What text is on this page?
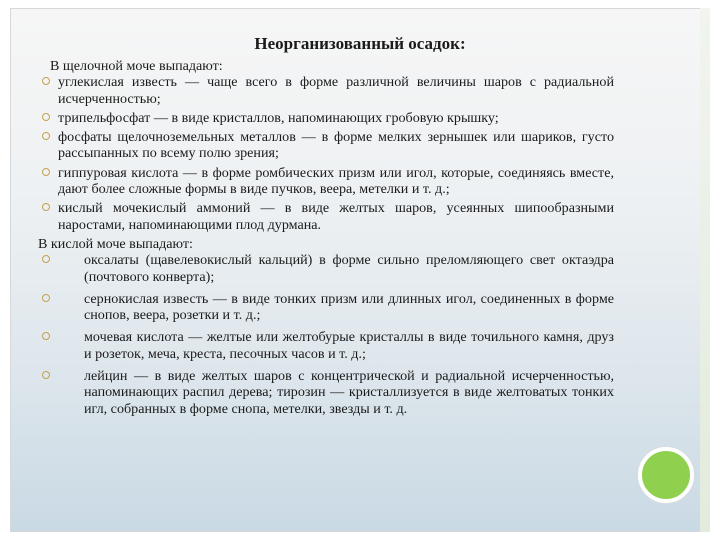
Неорганизованный осадок:

В щелочной моче выпадают:

углекислая известь — чаще всего в форме различной величины шаров с радиальной исчерченностью;
трипельфосфат — в виде кристаллов, напоминающих гробовую крышку;
фосфаты щелочноземельных металлов — в форме мелких зернышек или шариков, густо рассыпанных по всему полю зрения;
гиппуровая кислота — в форме ромбических призм или игол, которые, соединяясь вместе, дают более сложные формы в виде пучков, веера, метелки и т. д.;
кислый мочекислый аммоний — в виде желтых шаров, усеянных шипообразными наростами, напоминающими плод дурмана.

В кислой моче выпадают:

оксалаты (щавелевокислый кальций) в форме сильно преломляющего свет октаэдра (почтового конверта);
сернокислая известь — в виде тонких призм или длинных игол, соединенных в форме снопов, веера, розетки и т. д.;
мочевая кислота — желтые или желтобурые кристаллы в виде точильного камня, друз и розеток, меча, креста, песочных часов и т. д.;
лейцин — в виде желтых шаров с концентрической и радиальной исчерченностью, напоминающих распил дерева; тирозин — кристаллизуется в виде желтоватых тонких игл, собранных в форме снопа, метелки, звезды и т. д.
